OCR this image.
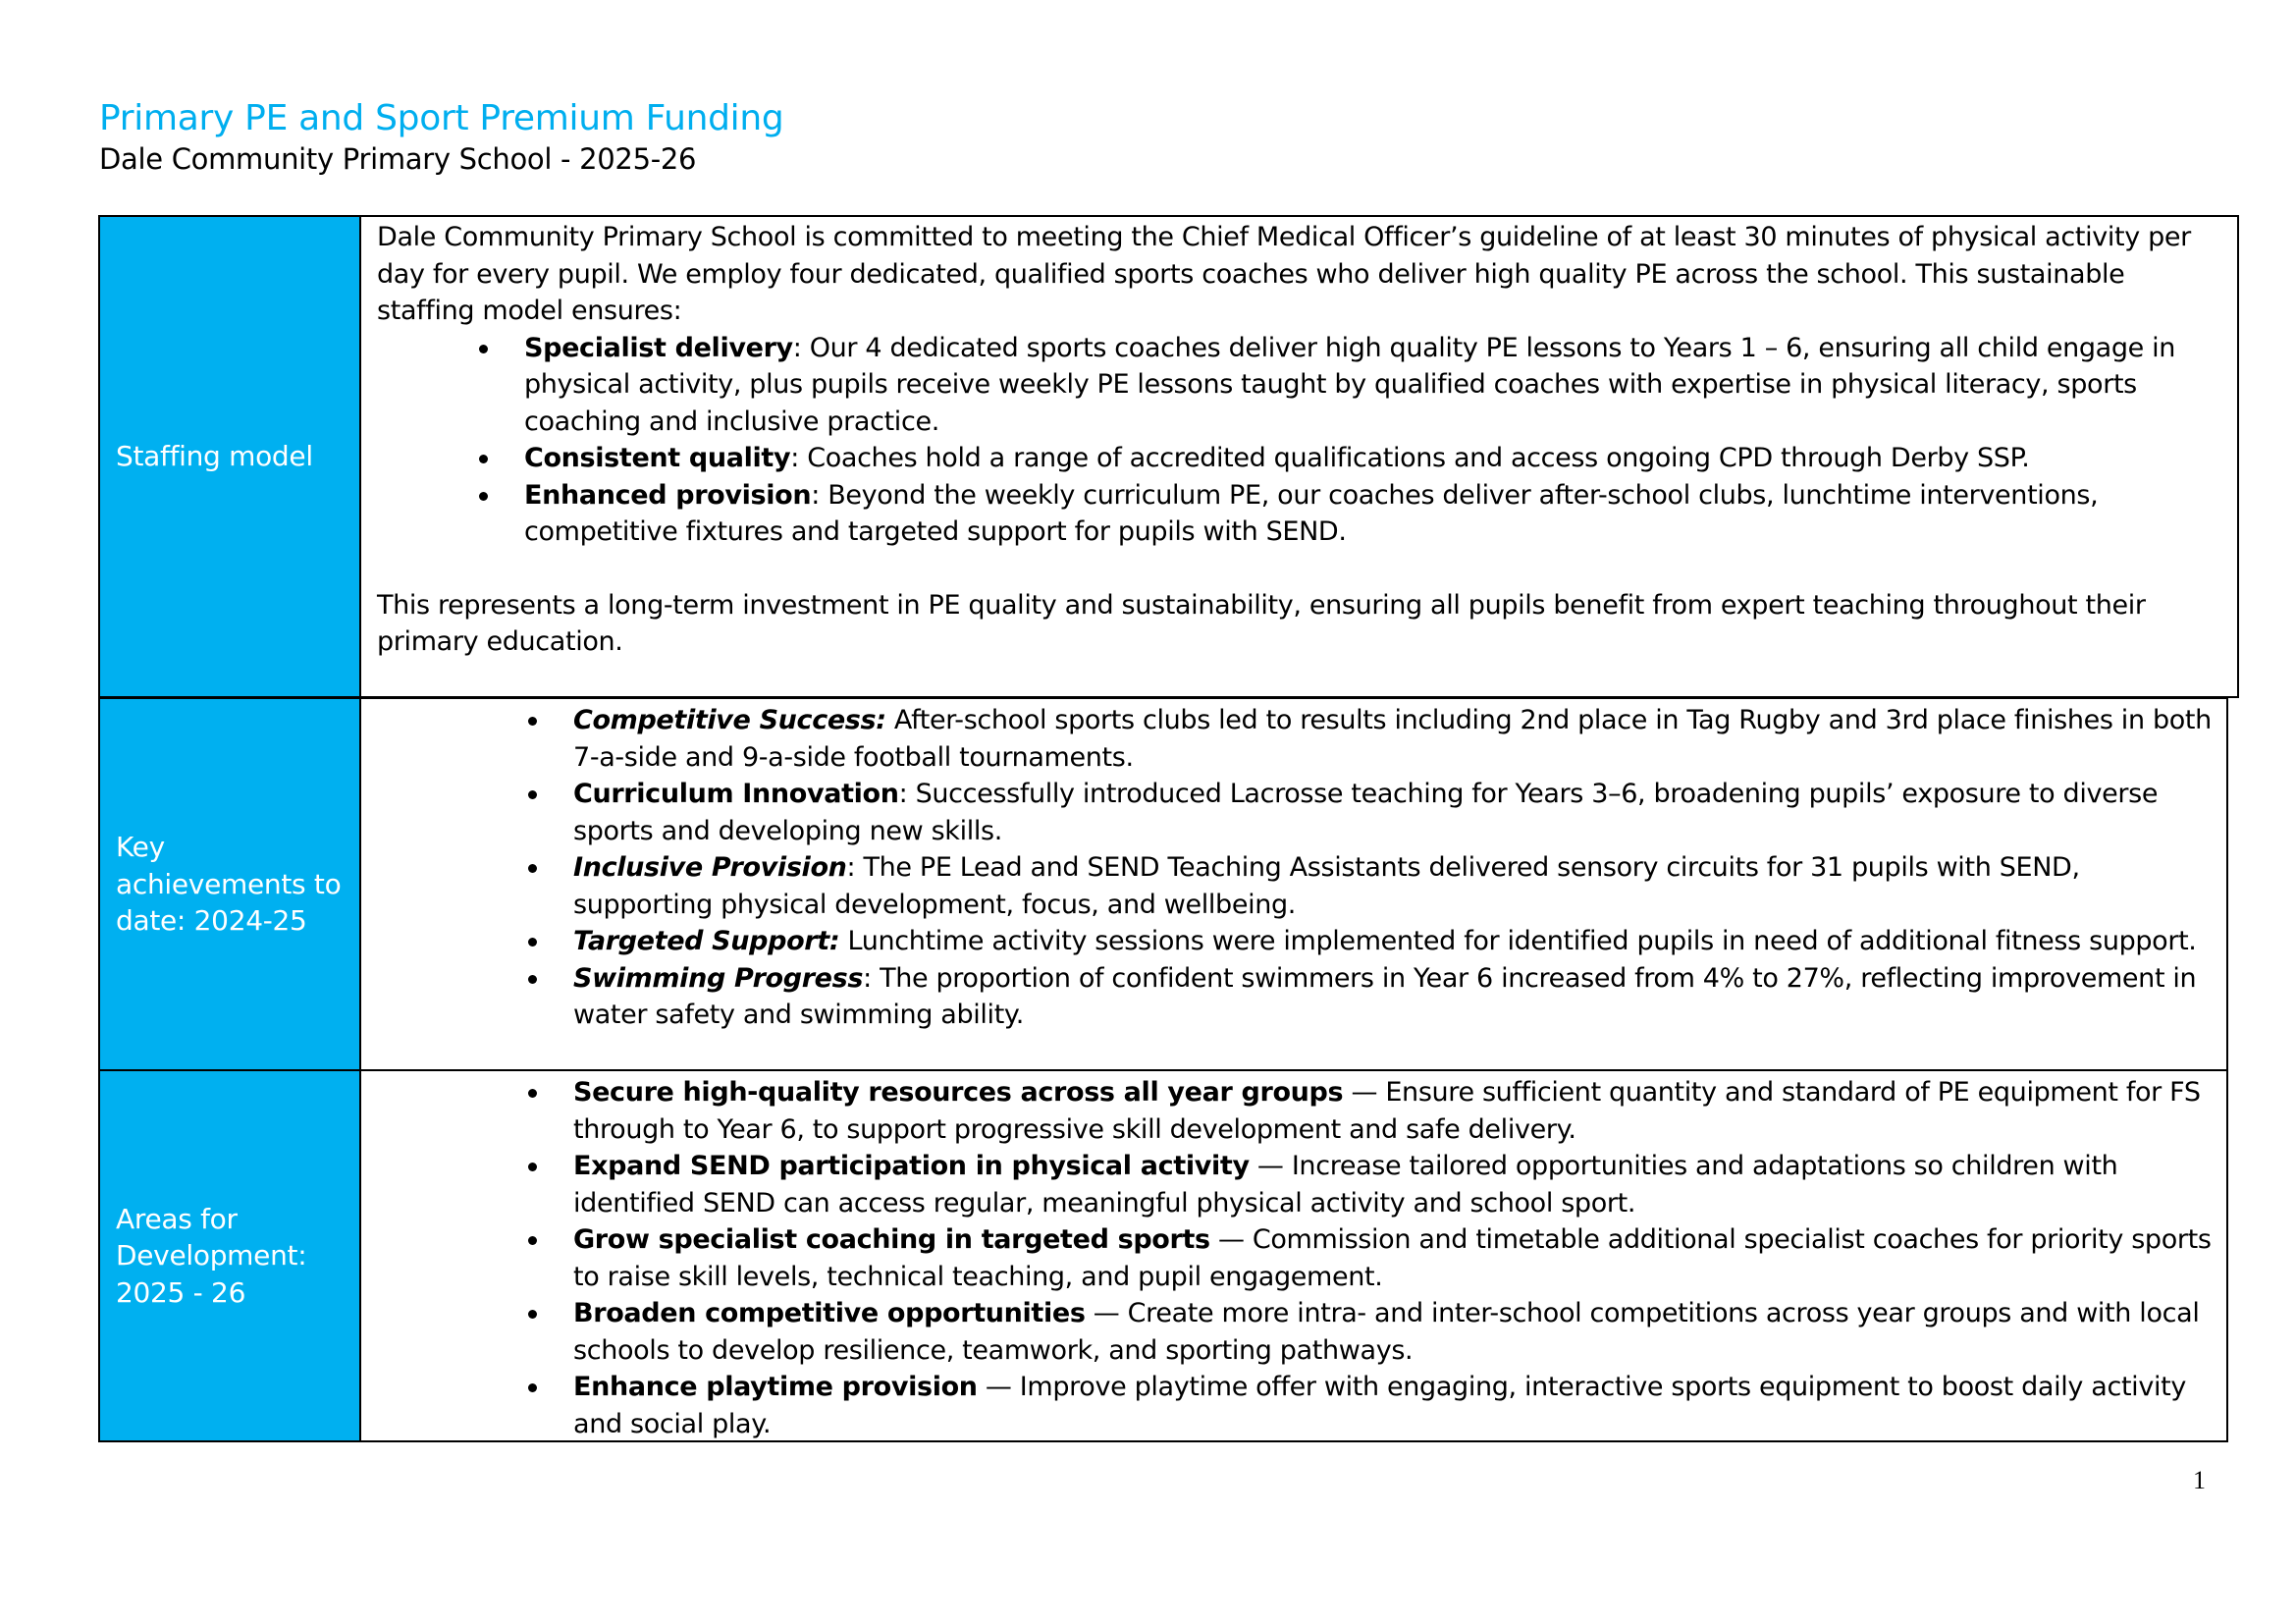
Primary PE and Sport Premium Funding
Dale Community Primary School - 2025-26
Staffing model

Dale Community Primary School is committed to meeting the Chief Medical Officer’s guideline of at least 30 minutes of physical activity per day for every pupil. We employ four dedicated, qualified sports coaches who deliver high quality PE across the school. This sustainable staffing model ensures:

Specialist delivery: Our 4 dedicated sports coaches deliver high quality PE lessons to Years 1 – 6, ensuring all child engage in physical activity, plus pupils receive weekly PE lessons taught by qualified coaches with expertise in physical literacy, sports coaching and inclusive practice.
Consistent quality: Coaches hold a range of accredited qualifications and access ongoing CPD through Derby SSP.
Enhanced provision: Beyond the weekly curriculum PE, our coaches deliver after-school clubs, lunchtime interventions, competitive fixtures and targeted support for pupils with SEND.

This represents a long-term investment in PE quality and sustainability, ensuring all pupils benefit from expert teaching throughout their primary education.

Key achievements to date: 2024-25
Competitive Success: After-school sports clubs led to results including 2nd place in Tag Rugby and 3rd place finishes in both 7-a-side and 9-a-side football tournaments.
Curriculum Innovation: Successfully introduced Lacrosse teaching for Years 3–6, broadening pupils’ exposure to diverse sports and developing new skills.
Inclusive Provision: The PE Lead and SEND Teaching Assistants delivered sensory circuits for 31 pupils with SEND, supporting physical development, focus, and wellbeing.
Targeted Support: Lunchtime activity sessions were implemented for identified pupils in need of additional fitness support.
Swimming Progress: The proportion of confident swimmers in Year 6 increased from 4% to 27%, reflecting improvement in water safety and swimming ability.
Areas for Development: 2025 - 26
Secure high-quality resources across all year groups — Ensure sufficient quantity and standard of PE equipment for FS through to Year 6, to support progressive skill development and safe delivery.
Expand SEND participation in physical activity — Increase tailored opportunities and adaptations so children with identified SEND can access regular, meaningful physical activity and school sport.
Grow specialist coaching in targeted sports — Commission and timetable additional specialist coaches for priority sports to raise skill levels, technical teaching, and pupil engagement.
Broaden competitive opportunities — Create more intra- and inter-school competitions across year groups and with local schools to develop resilience, teamwork, and sporting pathways.
Enhance playtime provision — Improve playtime offer with engaging, interactive sports equipment to boost daily activity and social play.
1
